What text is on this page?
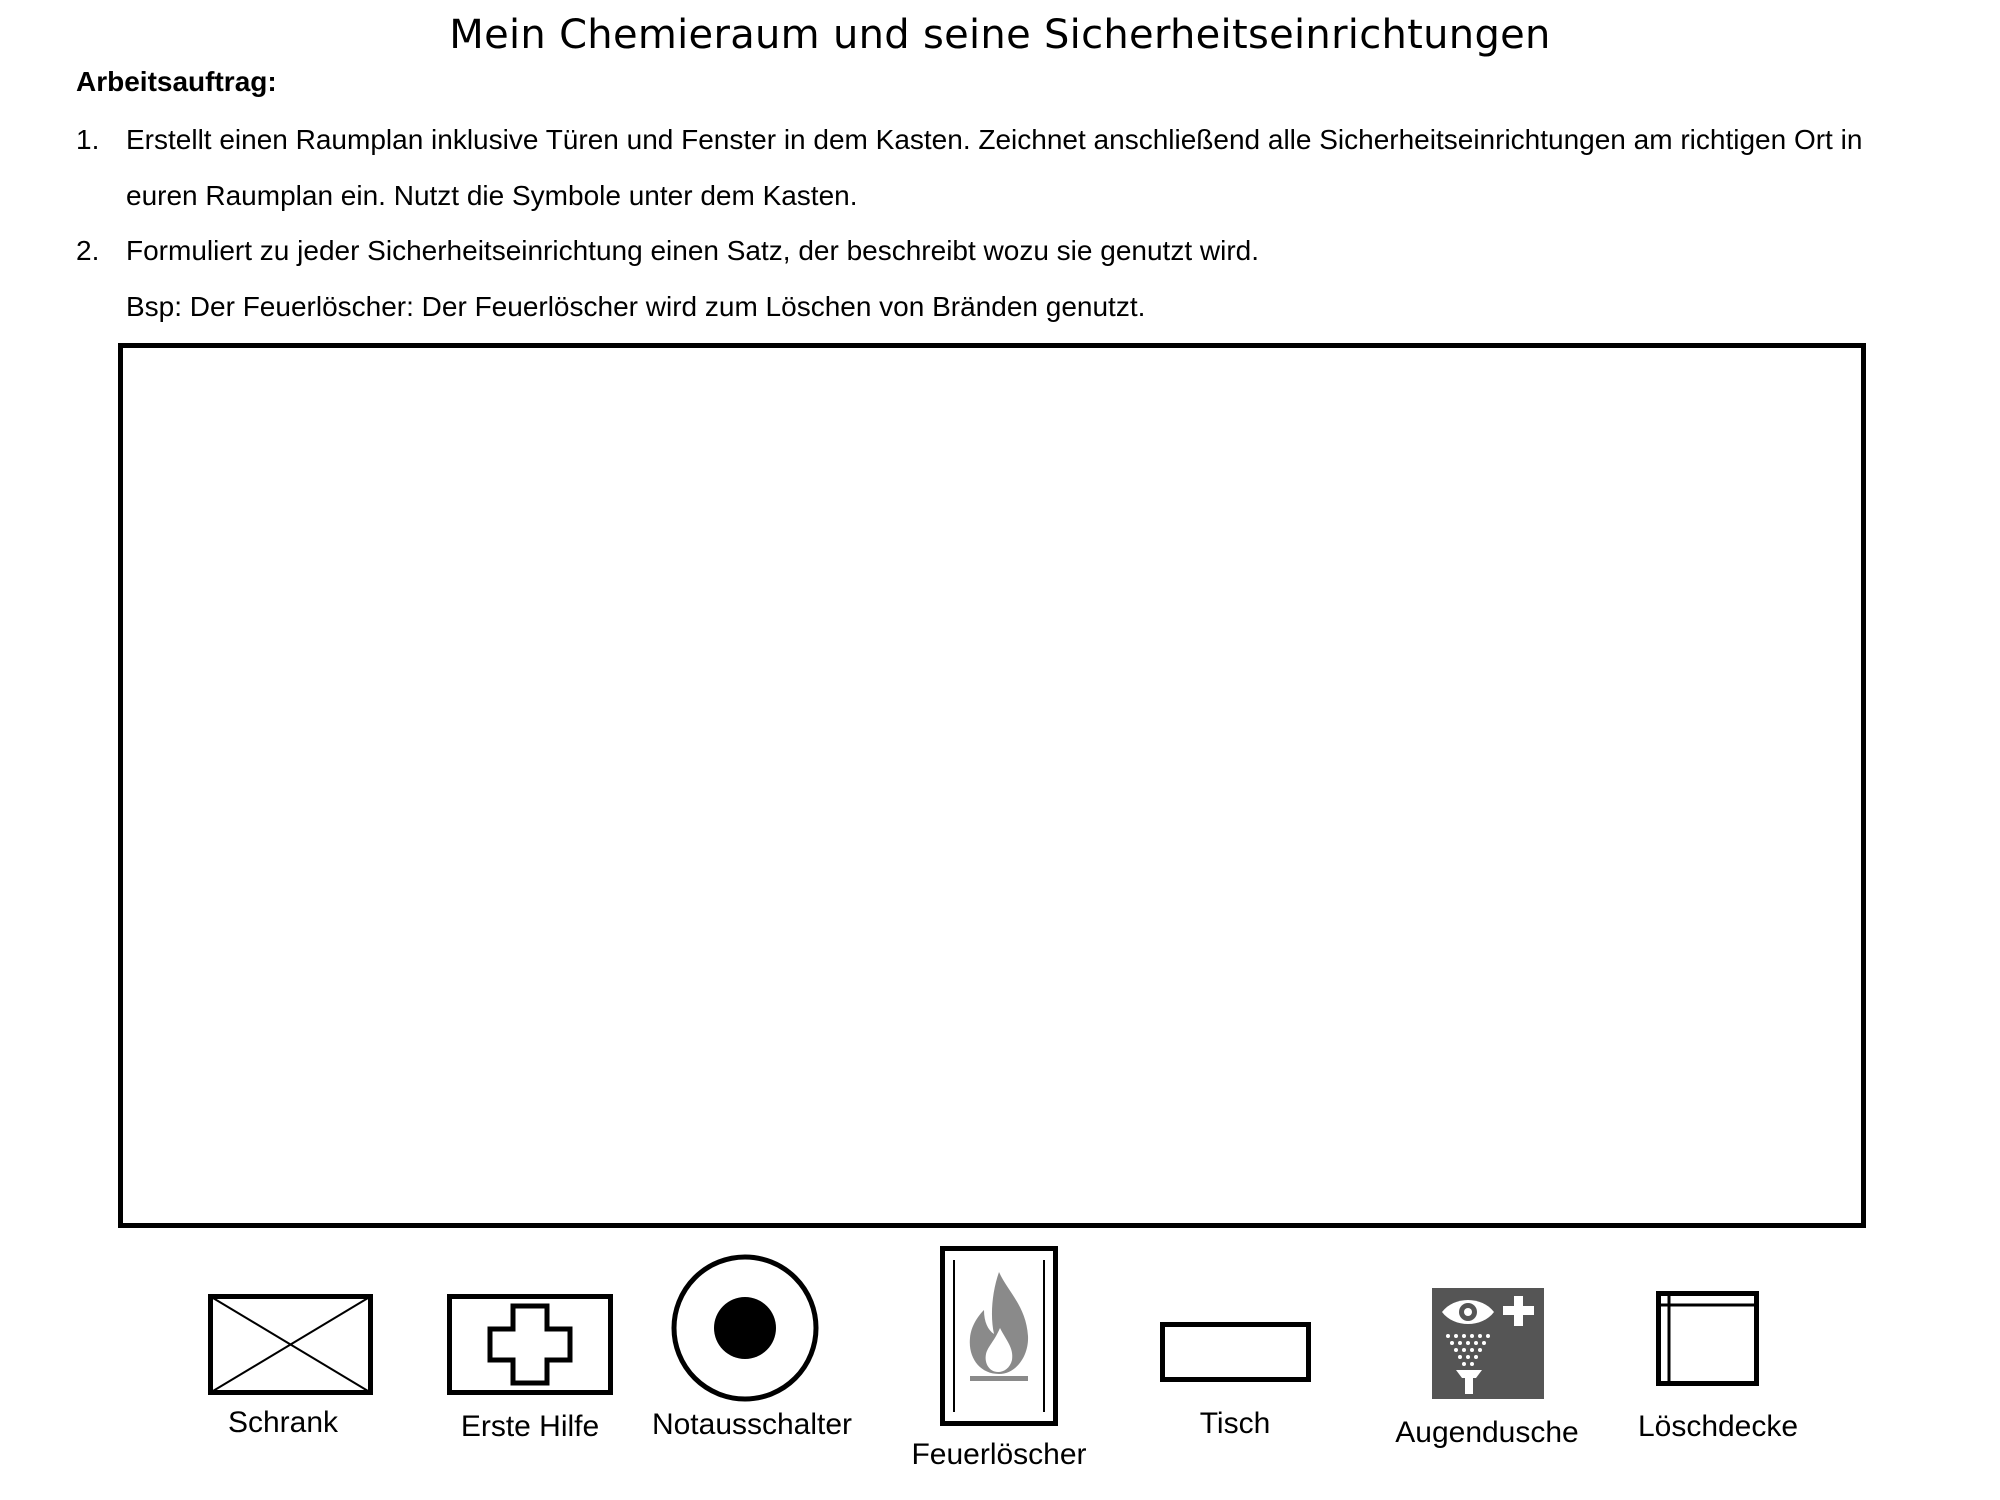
Mein Chemieraum und seine Sicherheitseinrichtungen
Arbeitsauftrag:
1. Erstellt einen Raumplan inklusive Türen und Fenster in dem Kasten. Zeichnet anschließend alle Sicherheitseinrichtungen am richtigen Ort in
euren Raumplan ein. Nutzt die Symbole unter dem Kasten.
2. Formuliert zu jeder Sicherheitseinrichtung einen Satz, der beschreibt wozu sie genutzt wird.
Bsp: Der Feuerlöscher: Der Feuerlöscher wird zum Löschen von Bränden genutzt.
Schrank	Erste Hilfe Notausschalter
Feuerlöscher
Tisch	Augendusche Löschdecke
